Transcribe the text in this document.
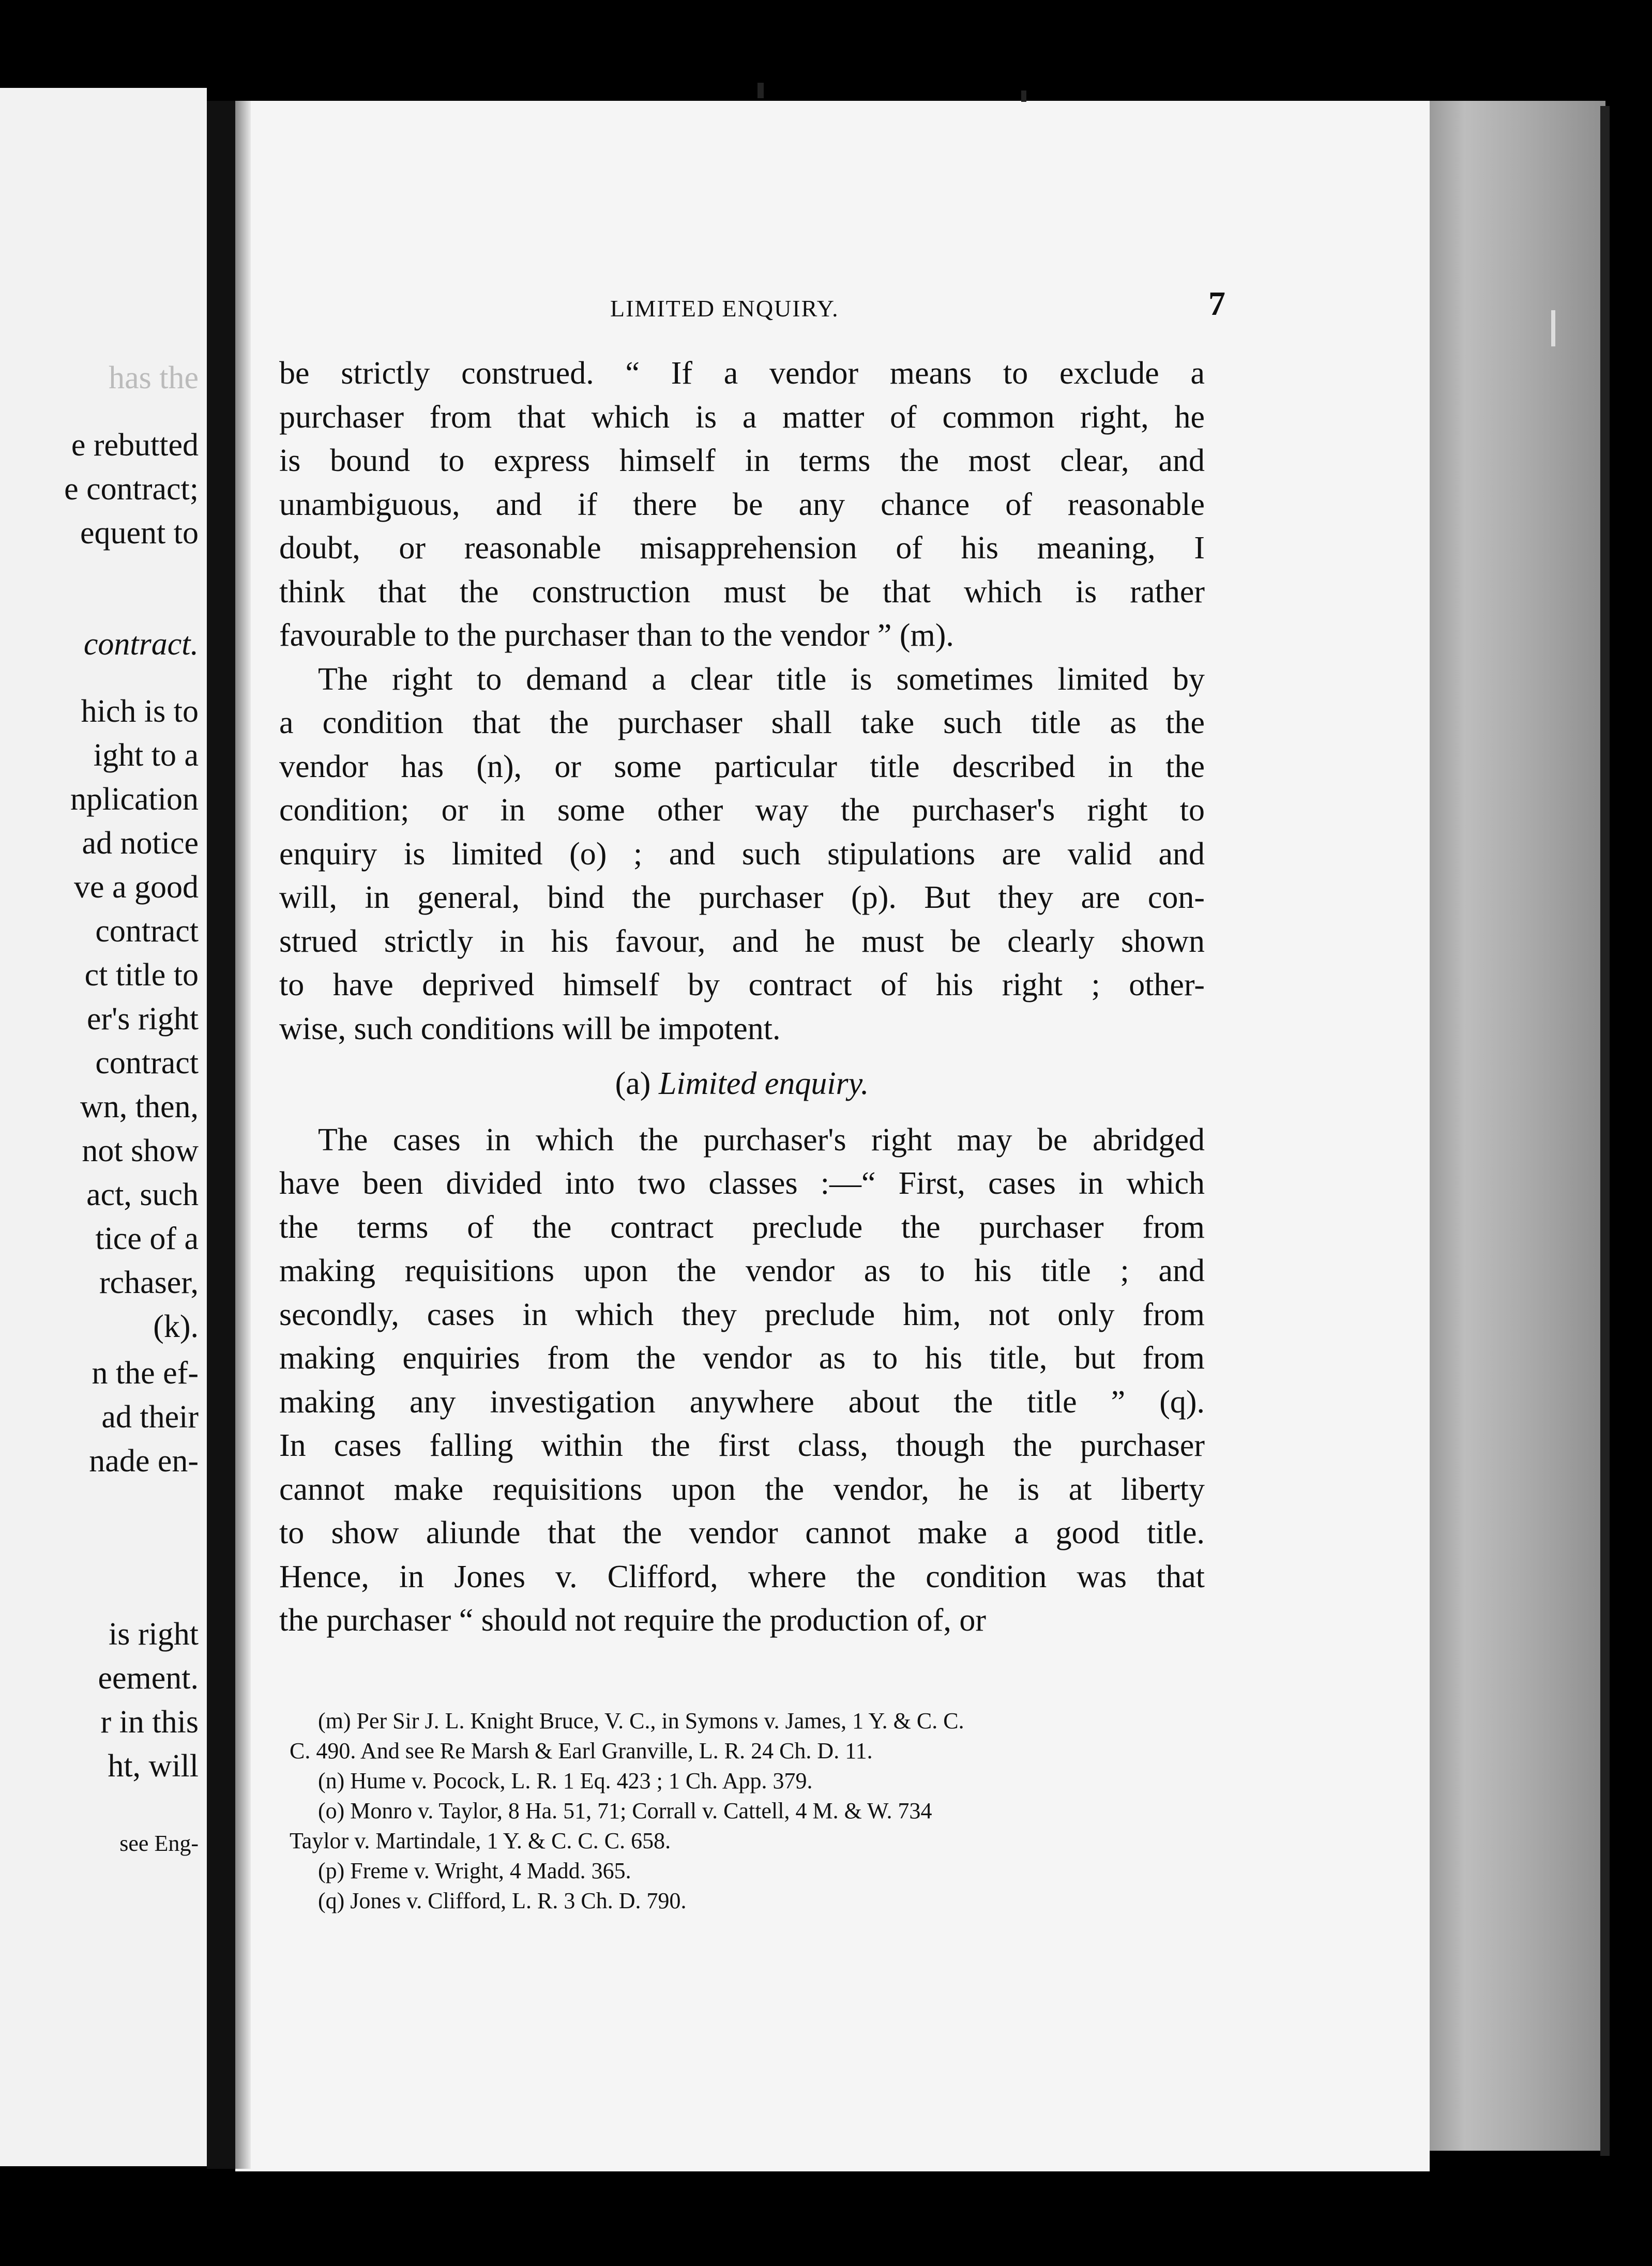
has the
e rebutted
e contract;
equent to
contract.
hich is to
ight to a
nplication
ad notice
ve a good
contract
ct title to
er's right
contract
wn, then,
not show
act, such
tice of a
rchaser,
(k).
n the ef-
ad their
nade en-
is right
eement.
r in this
ht, will
see Eng-
LIMITED ENQUIRY.	7
be strictly construed. “ If a vendor means to exclude a
purchaser from that which is a matter of common right, he
is bound to express himself in terms the most clear, and
unambiguous, and if there be any chance of reasonable
doubt, or reasonable misapprehension of his meaning, I
think that the construction must be that which is rather
favourable to the purchaser than to the vendor ” (m).
The right to demand a clear title is sometimes limited by
a condition that the purchaser shall take such title as the
vendor has (n), or some particular title described in the
condition; or in some other way the purchaser's right to
enquiry is limited (o) ; and such stipulations are valid and
will, in general, bind the purchaser (p). But they are con-
strued strictly in his favour, and he must be clearly shown
to have deprived himself by contract of his right ; other-
wise, such conditions will be impotent.
(a) Limited enquiry.
The cases in which the purchaser's right may be abridged
have been divided into two classes :—“ First, cases in which
the terms of the contract preclude the purchaser from
making requisitions upon the vendor as to his title ; and
secondly, cases in which they preclude him, not only from
making enquiries from the vendor as to his title, but from
making any investigation anywhere about the title ” (q).
In cases falling within the first class, though the purchaser
cannot make requisitions upon the vendor, he is at liberty
to show aliunde that the vendor cannot make a good title.
Hence, in Jones v. Clifford, where the condition was that
the purchaser “ should not require the production of, or
(m) Per Sir J. L. Knight Bruce, V. C., in Symons v. James, 1 Y. & C. C.
C. 490. And see Re Marsh & Earl Granville, L. R. 24 Ch. D. 11.
(n) Hume v. Pocock, L. R. 1 Eq. 423 ; 1 Ch. App. 379.
(o) Monro v. Taylor, 8 Ha. 51, 71; Corrall v. Cattell, 4 M. & W. 734
Taylor v. Martindale, 1 Y. & C. C. C. 658.
(p) Freme v. Wright, 4 Madd. 365.
(q) Jones v. Clifford, L. R. 3 Ch. D. 790.
